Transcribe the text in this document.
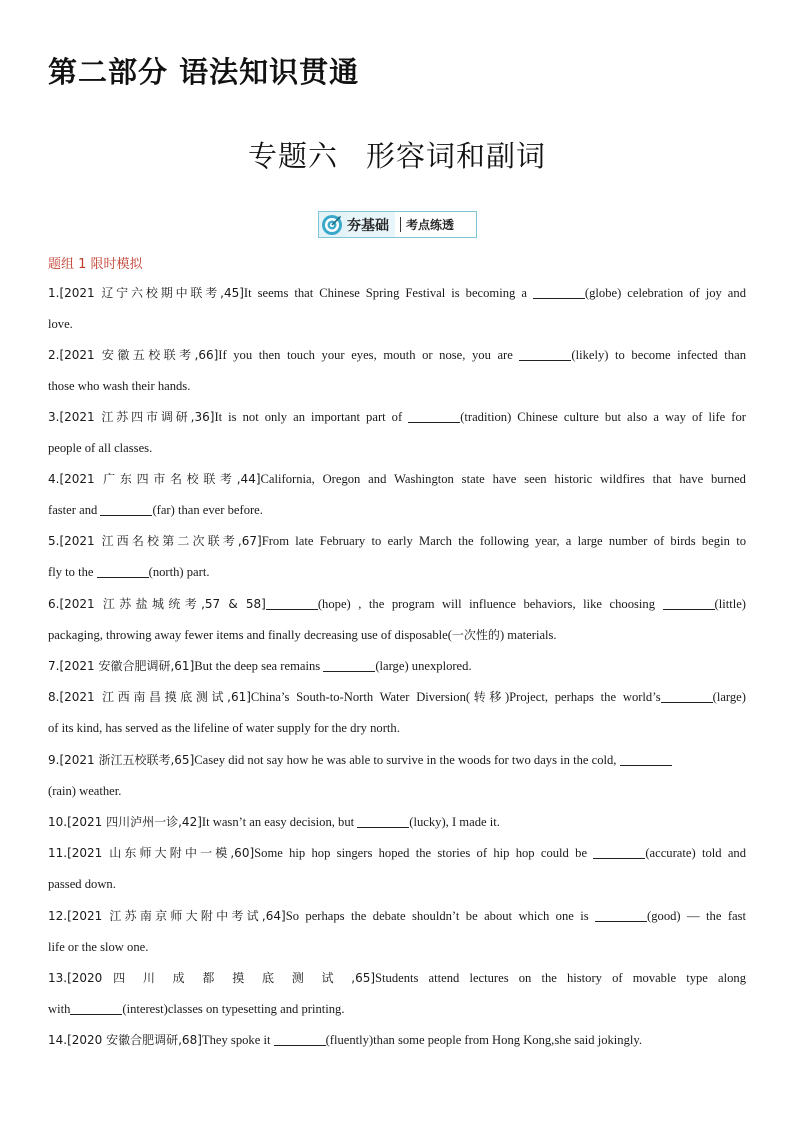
第二部分 语法知识贯通
专题六 形容词和副词
夯基础	考点练透
题组 1 限时模拟
1.[2021 辽宁六校期中联考,45]It seems that Chinese Spring Festival is becoming a	(globe) celebration of joy and
love.
2.[2021 安徽五校联考,66]If you then touch your eyes, mouth or nose, you are	(likely) to become infected than
those who wash their hands.
3.[2021 江苏四市调研,36]It is not only an important part of	(tradition) Chinese culture but also a way of life for
people of all classes.
4.[2021 广东四市名校联考,44]California, Oregon and Washington state have seen historic wildfires that have burned
faster and	(far) than ever before.
5.[2021 江西名校第二次联考,67]From late February to early March the following year, a large number of birds begin to
fly to the	(north) part.
6.[2021 江苏盐城统考,57 & 58]	(hope) , the program will influence behaviors, like choosing	(little)
packaging, throwing away fewer items and finally decreasing use of disposable(一次性的) materials.
7.[2021 安徽合肥调研,61]But the deep sea remains	(large) unexplored.
8.[2021 江西南昌摸底测试,61]China’s South-to-North Water Diversion(转移)Project, perhaps the world’s	(large)
of its kind, has served as the lifeline of water supply for the dry north.
9.[2021 浙江五校联考,65]Casey did not say how he was able to survive in the woods for two days in the cold,
(rain) weather.
10.[2021 四川泸州一诊,42]It wasn’t an easy decision, but	(lucky), I made it.
11.[2021 山东师大附中一模,60]Some hip hop singers hoped the stories of hip hop could be	(accurate) told and
passed down.
12.[2021 江苏南京师大附中考试,64]So perhaps the debate shouldn’t be about which one is	(good) — the fast
life or the slow one.
13.[2020 四 川 成 都 摸 底 测 试 ,65]Students attend lectures on the history of movable type along
with	(interest)classes on typesetting and printing.
14.[2020 安徽合肥调研,68]They spoke it	(fluently)than some people from Hong Kong,she said jokingly.
